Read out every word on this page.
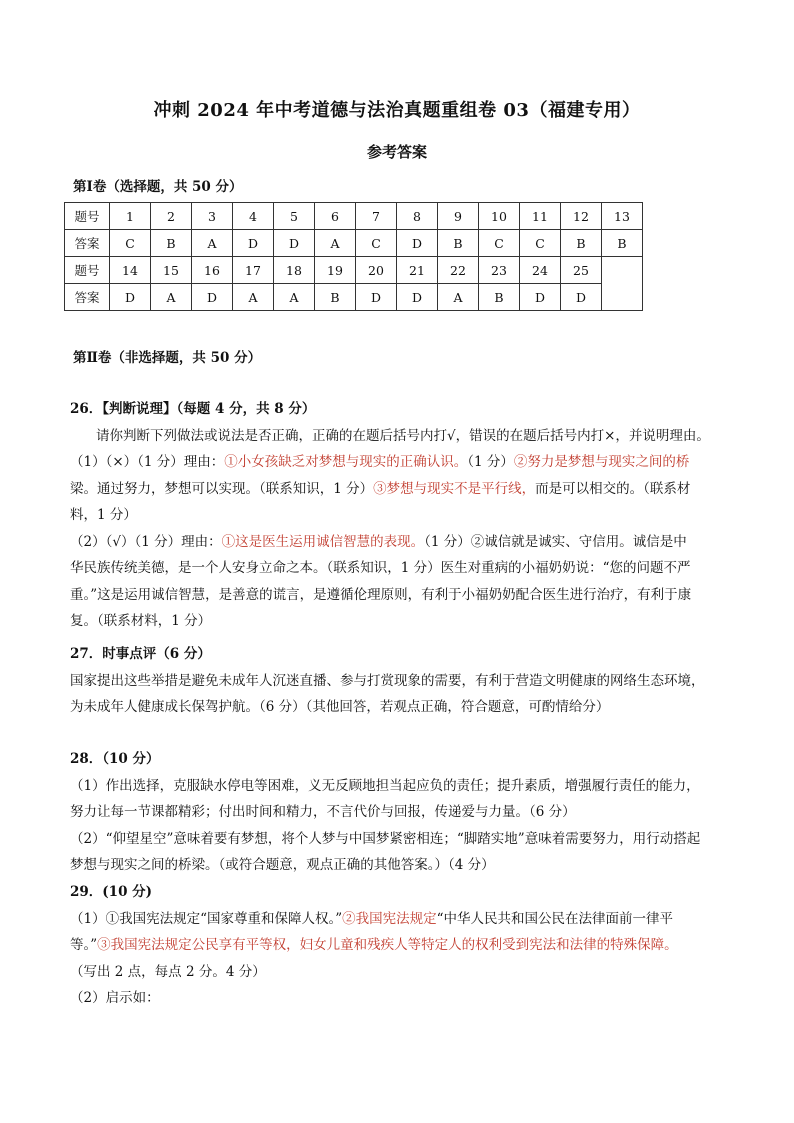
冲刺 2024 年中考道德与法治真题重组卷 03（福建专用）
参考答案
第Ⅰ卷（选择题，共 50 分）
题号	1	2	3	4	5	6	7	8	9	10	11	12	13
答案	C	B	A	D	D	A	C	D	B	C	C	B	B
题号	14	15	16	17	18	19	20	21	22	23	24	25	
答案	D	A	D	A	A	B	D	D	A	B	D	D	
第Ⅱ卷（非选择题，共 50 分）
26．【判断说理】（每题 4 分，共 8 分）
请你判断下列做法或说法是否正确，正确的在题后括号内打√，错误的在题后括号内打×，并说明理由。
（1）（×）（1 分）理由：①小女孩缺乏对梦想与现实的正确认识。（1 分）②努力是梦想与现实之间的桥
梁。通过努力，梦想可以实现。（联系知识，1 分）③梦想与现实不是平行线，而是可以相交的。（联系材
料，1 分）
（2）（√）（1 分）理由：①这是医生运用诚信智慧的表现。（1 分）②诚信就是诚实、守信用。诚信是中
华民族传统美德，是一个人安身立命之本。（联系知识，1 分）医生对重病的小福奶奶说：“您的问题不严
重。”这是运用诚信智慧，是善意的谎言，是遵循伦理原则，有利于小福奶奶配合医生进行治疗，有利于康
复。（联系材料，1 分）
27．时事点评（6 分）
国家提出这些举措是避免未成年人沉迷直播、参与打赏现象的需要，有利于营造文明健康的网络生态环境，
为未成年人健康成长保驾护航。（6 分）（其他回答，若观点正确，符合题意，可酌情给分）
28．（10 分）
（1）作出选择，克服缺水停电等困难，义无反顾地担当起应负的责任；提升素质，增强履行责任的能力，
努力让每一节课都精彩；付出时间和精力，不言代价与回报，传递爱与力量。（6 分）
（2）“仰望星空”意味着要有梦想，将个人梦与中国梦紧密相连；“脚踏实地”意味着需要努力，用行动搭起
梦想与现实之间的桥梁。（或符合题意，观点正确的其他答案。）（4 分）
29．(10 分)
（1）①我国宪法规定“国家尊重和保障人权。”②我国宪法规定“中华人民共和国公民在法律面前一律平
等。”③我国宪法规定公民享有平等权，妇女儿童和残疾人等特定人的权利受到宪法和法律的特殊保障。
（写出 2 点，每点 2 分。4 分）
（2）启示如：
